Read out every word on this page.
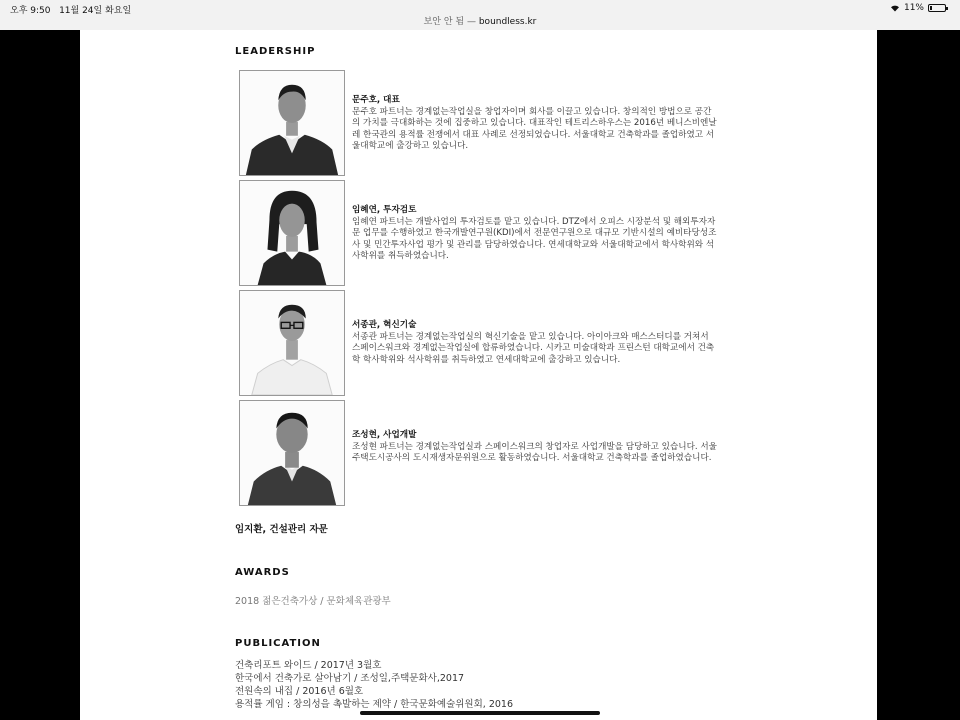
오후 9:50 11월 24일 화요일
보안 안 됨 — boundless.kr
11%
LEADERSHIP
문주호, 대표
문주호 파트너는 경계없는작업실을 창업자이며 회사를 이끌고 있습니다. 창의적인 방법으로 공간의 가치를 극대화하는 것에 집중하고 있습니다. 대표작인 테트리스하우스는 2016년 베니스비엔날레 한국관의 용적률 전쟁에서 대표 사례로 선정되었습니다. 서울대학교 건축학과를 졸업하였고 서울대학교에 출강하고 있습니다.
임혜연, 투자검토
임혜연 파트너는 개발사업의 투자검토를 맡고 있습니다. DTZ에서 오피스 시장분석 및 해외투자자문 업무를 수행하였고 한국개발연구원(KDI)에서 전문연구원으로 대규모 기반시설의 예비타당성조사 및 민간투자사업 평가 및 관리를 담당하였습니다. 연세대학교와 서울대학교에서 학사학위와 석사학위를 취득하였습니다.
서종관, 혁신기술
서종관 파트너는 경계없는작업실의 혁신기술을 맡고 있습니다. 아이아크와 매스스터디를 거쳐서 스페이스워크와 경계없는작업실에 합류하였습니다. 시카고 미술대학과 프린스턴 대학교에서 건축학 학사학위와 석사학위를 취득하였고 연세대학교에 출강하고 있습니다.
조성현, 사업개발
조성현 파트너는 경계없는작업실과 스페이스워크의 창업자로 사업개발을 담당하고 있습니다. 서울주택도시공사의 도시재생자문위원으로 활동하였습니다. 서울대학교 건축학과를 졸업하였습니다.
임지환, 건설관리 자문
AWARDS
2018 젊은건축가상 / 문화체육관광부
PUBLICATION
건축리포트 와이드 / 2017년 3월호
한국에서 건축가로 살아남기 / 조성일,주택문화사,2017
전원속의 내집 / 2016년 6월호
용적률 게임 : 창의성을 촉발하는 제약 / 한국문화예술위원회, 2016
